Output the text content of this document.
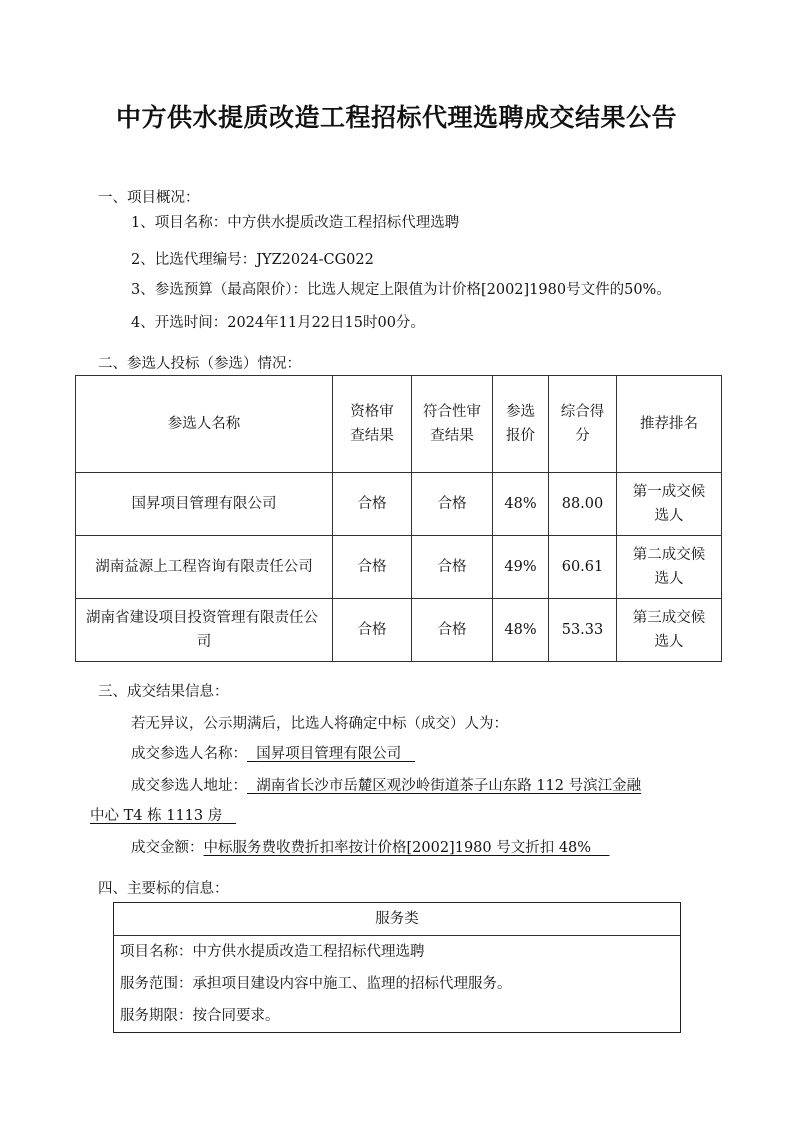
中方供水提质改造工程招标代理选聘成交结果公告
一、项目概况：
1、项目名称：中方供水提质改造工程招标代理选聘
2、比选代理编号：JYZ2024-CG022
3、参选预算（最高限价）：比选人规定上限值为计价格[2002]1980号文件的50%。
4、开选时间：2024年11月22日15时00分。
二、参选人投标（参选）情况：
参选人名称	资格审查结果	符合性审查结果	参选报价	综合得分	推荐排名
国昇项目管理有限公司	合格	合格	48%	88.00	第一成交候选人

湖南益源上工程咨询有限责任公司	合格	合格	49%	60.61	第二成交候选人

湖南省建设项目投资管理有限责任公司	合格	合格	48%	53.33	第三成交候选人
三、成交结果信息：
若无异议，公示期满后，比选人将确定中标（成交）人为：
成交参选人名称： 国昇项目管理有限公司
成交参选人地址： 湖南省长沙市岳麓区观沙岭街道茶子山东路 112 号滨江金融
中心 T4 栋 1113 房
成交金额：中标服务费收费折扣率按计价格[2002]1980 号文折扣 48%
四、主要标的信息：
服务类
项目名称：中方供水提质改造工程招标代理选聘
服务范围：承担项目建设内容中施工、监理的招标代理服务。
服务期限：按合同要求。
